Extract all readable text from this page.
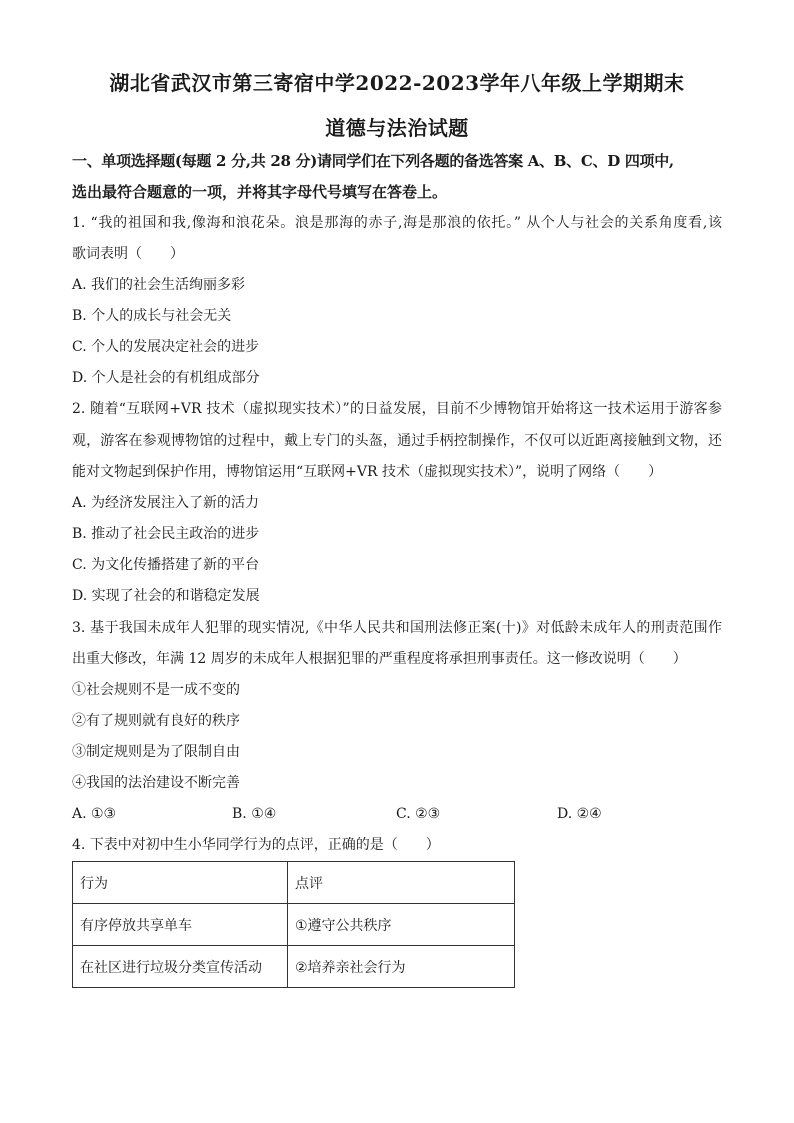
湖北省武汉市第三寄宿中学2022-2023学年八年级上学期期末
道德与法治试题
一、单项选择题(每题 2 分,共 28 分)请同学们在下列各题的备选答案 A、B、C、D 四项中,
选出最符合题意的一项，并将其字母代号填写在答卷上。
1. “我的祖国和我,像海和浪花朵。浪是那海的赤子,海是那浪的依托。” 从个人与社会的关系角度看,该
歌词表明（　　）
A. 我们的社会生活绚丽多彩
B. 个人的成长与社会无关
C. 个人的发展决定社会的进步
D. 个人是社会的有机组成部分
2. 随着“互联网+VR 技术（虚拟现实技术）”的日益发展，目前不少博物馆开始将这一技术运用于游客参
观，游客在参观博物馆的过程中，戴上专门的头盔，通过手柄控制操作，不仅可以近距离接触到文物，还
能对文物起到保护作用，博物馆运用“互联网+VR 技术（虚拟现实技术）”，说明了网络（　　）
A. 为经济发展注入了新的活力
B. 推动了社会民主政治的进步
C. 为文化传播搭建了新的平台
D. 实现了社会的和谐稳定发展
3. 基于我国未成年人犯罪的现实情况,《中华人民共和国刑法修正案(十)》对低龄未成年人的刑责范围作
出重大修改，年满 12 周岁的未成年人根据犯罪的严重程度将承担刑事责任。这一修改说明（　　）
①社会规则不是一成不变的
②有了规则就有良好的秩序
③制定规则是为了限制自由
④我国的法治建设不断完善
A. ①③	B. ①④	C. ②③	D. ②④
4. 下表中对初中生小华同学行为的点评，正确的是（　　）
行为	点评
有序停放共享单车	①遵守公共秩序
在社区进行垃圾分类宣传活动	②培养亲社会行为
